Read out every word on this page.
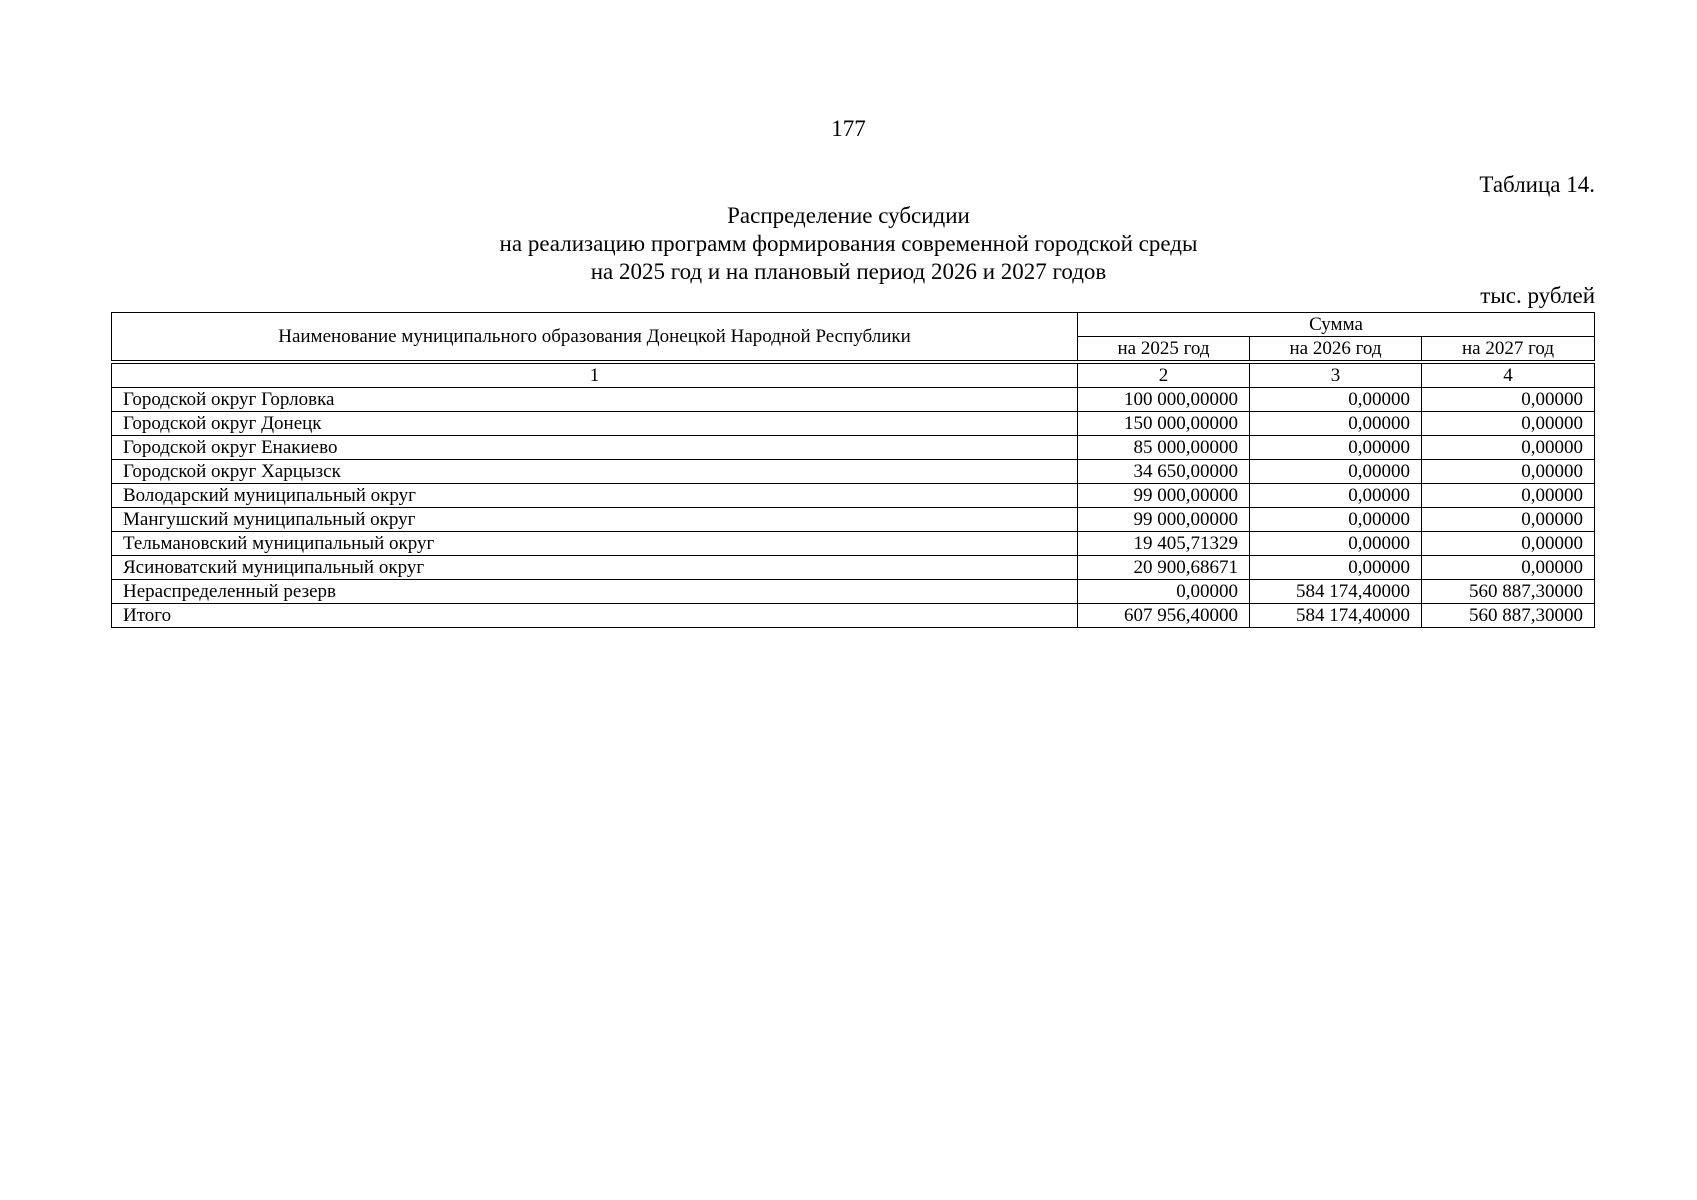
177
Таблица 14.
Распределение субсидии
на реализацию программ формирования современной городской среды
на 2025 год и на плановый период 2026 и 2027 годов
тыс. рублей
Наименование муниципального образования Донецкой Народной Республики	Сумма		
	на 2025 год	на 2026 год	на 2027 год

1	2	3	4
Городской округ Горловка	100 000,00000	0,00000	0,00000
Городской округ Донецк	150 000,00000	0,00000	0,00000
Городской округ Енакиево	85 000,00000	0,00000	0,00000
Городской округ Харцызск	34 650,00000	0,00000	0,00000
Володарский муниципальный округ	99 000,00000	0,00000	0,00000
Мангушский муниципальный округ	99 000,00000	0,00000	0,00000
Тельмановский муниципальный округ	19 405,71329	0,00000	0,00000
Ясиноватский муниципальный округ	20 900,68671	0,00000	0,00000
Нераспределенный резерв	0,00000	584 174,40000	560 887,30000
Итого	607 956,40000	584 174,40000	560 887,30000
